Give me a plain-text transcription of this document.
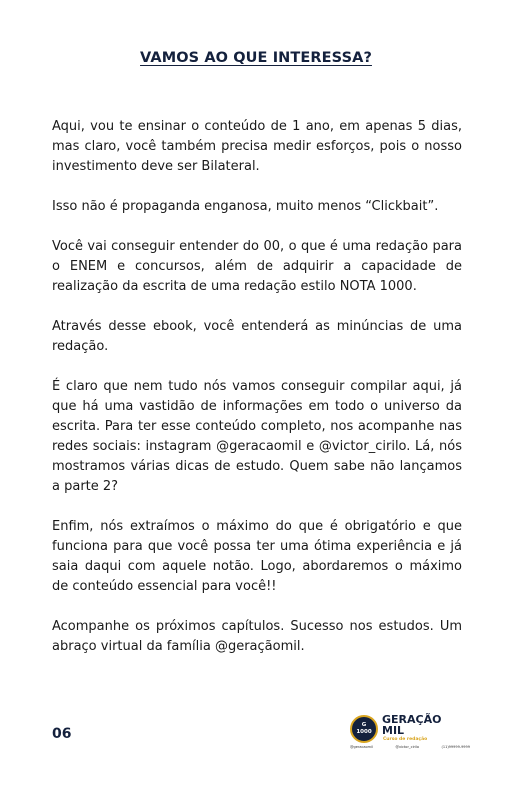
VAMOS AO QUE INTERESSA?

Aqui, vou te ensinar o conteúdo de 1 ano, em apenas 5 dias, mas claro, você também precisa medir esforços, pois o nosso investimento deve ser Bilateral.

Isso não é propaganda enganosa, muito menos “Clickbait”.

Você vai conseguir entender do 00, o que é uma redação para o ENEM e concursos, além de adquirir a capacidade de realização da escrita de uma redação estilo NOTA 1000.

Através desse ebook, você entenderá as minúncias de uma redação.

É claro que nem tudo nós vamos conseguir compilar aqui, já que há uma vastidão de informações em todo o universo da escrita. Para ter esse conteúdo completo, nos acompanhe nas redes sociais: instagram @geracaomil e @victor_cirilo. Lá, nós mostramos várias dicas de estudo. Quem sabe não lançamos a parte 2?

Enfim, nós extraímos o máximo do que é obrigatório e que funciona para que você possa ter uma ótima experiência e já saia daqui com aquele notão. Logo, abordaremos o máximo de conteúdo essencial para você!!

Acompanhe os próximos capítulos. Sucesso nos estudos. Um abraço virtual da família @geraçãomil.

06
G
1000
GERAÇÃO
MIL
Curso de redação
@geracaomil	@victor_cirilo	(11)99999-9999
